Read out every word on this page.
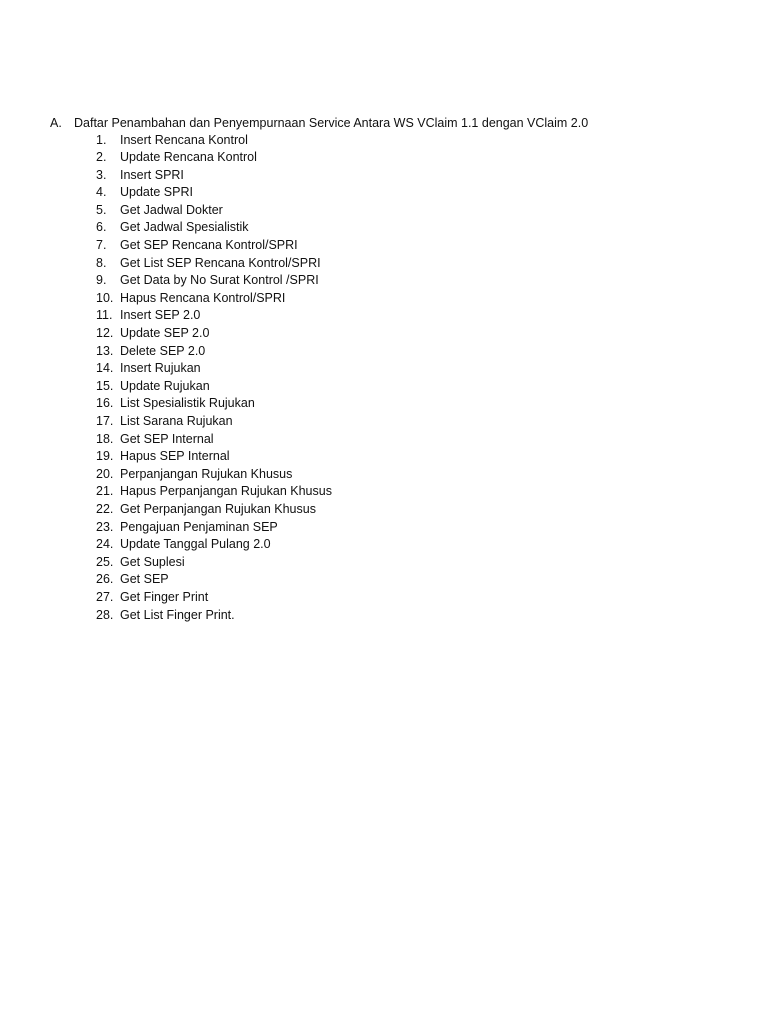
A. Daftar Penambahan dan Penyempurnaan Service Antara WS VClaim 1.1 dengan VClaim 2.0
1. Insert Rencana Kontrol
2. Update Rencana Kontrol
3. Insert SPRI
4. Update SPRI
5. Get Jadwal Dokter
6. Get Jadwal Spesialistik
7. Get SEP Rencana Kontrol/SPRI
8. Get List SEP Rencana Kontrol/SPRI
9. Get Data by No Surat Kontrol /SPRI
10. Hapus Rencana Kontrol/SPRI
11. Insert SEP 2.0
12. Update SEP 2.0
13. Delete SEP 2.0
14. Insert Rujukan
15. Update Rujukan
16. List Spesialistik Rujukan
17. List Sarana Rujukan
18. Get SEP Internal
19. Hapus SEP Internal
20. Perpanjangan Rujukan Khusus
21. Hapus Perpanjangan Rujukan Khusus
22. Get Perpanjangan Rujukan Khusus
23. Pengajuan Penjaminan SEP
24. Update Tanggal Pulang 2.0
25. Get Suplesi
26. Get SEP
27. Get Finger Print
28. Get List Finger Print.
